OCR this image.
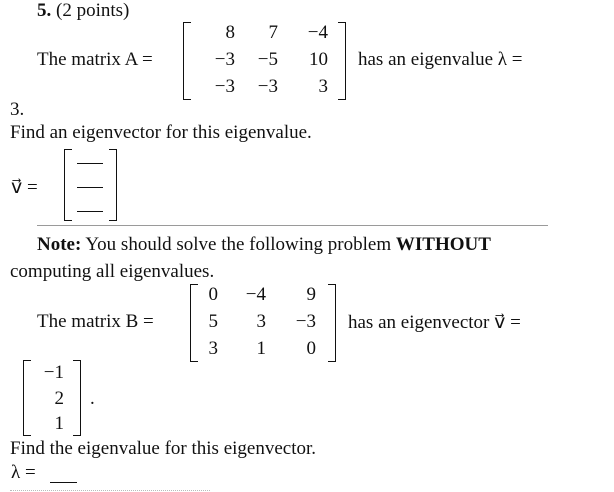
5. (2 points)
The matrix A =
8	7	−4
−3	−5	10
−3	−3	3
has an eigenvalue λ =
3.
Find an eigenvector for this eigenvalue.
v⃗ =
Note: You should solve the following problem WITHOUT
computing all eigenvalues.
The matrix B =
0	−4	9
5	3	−3
3	1	0
has an eigenvector v⃗ =
−1
2
1
.
Find the eigenvalue for this eigenvector.
λ =
